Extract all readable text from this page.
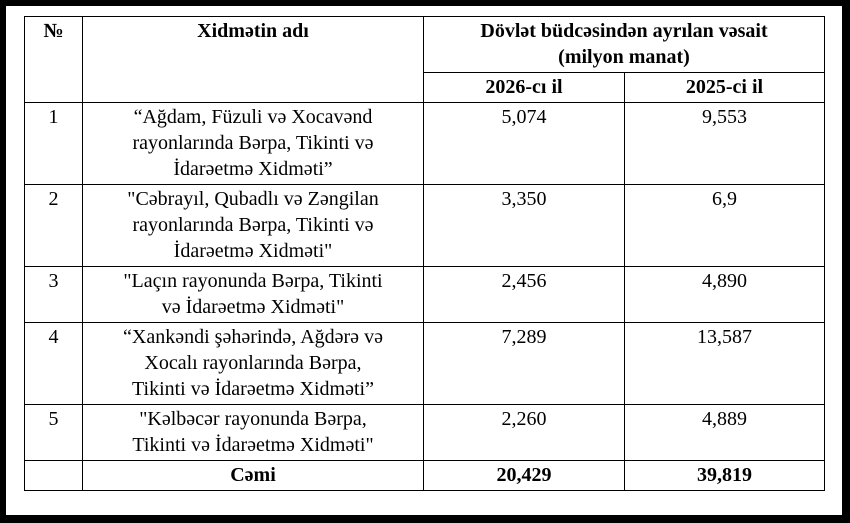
№	Xidmətin adı	Dövlət büdcəsindən ayrılan vəsait
(milyon manat)	
		2026-cı il	2025-ci il
1	“Ağdam, Füzuli və Xocavənd
rayonlarında Bərpa, Tikinti və
İdarəetmə Xidməti”	5,074	9,553
2	"Cəbrayıl, Qubadlı və Zəngilan
rayonlarında Bərpa, Tikinti və
İdarəetmə Xidməti"	3,350	6,9
3	"Laçın rayonunda Bərpa, Tikinti
və İdarəetmə Xidməti"	2,456	4,890
4	“Xankəndi şəhərində, Ağdərə və
Xocalı rayonlarında Bərpa,
Tikinti və İdarəetmə Xidməti”	7,289	13,587
5	"Kəlbəcər rayonunda Bərpa,
Tikinti və İdarəetmə Xidməti"	2,260	4,889
	Cəmi	20,429	39,819
